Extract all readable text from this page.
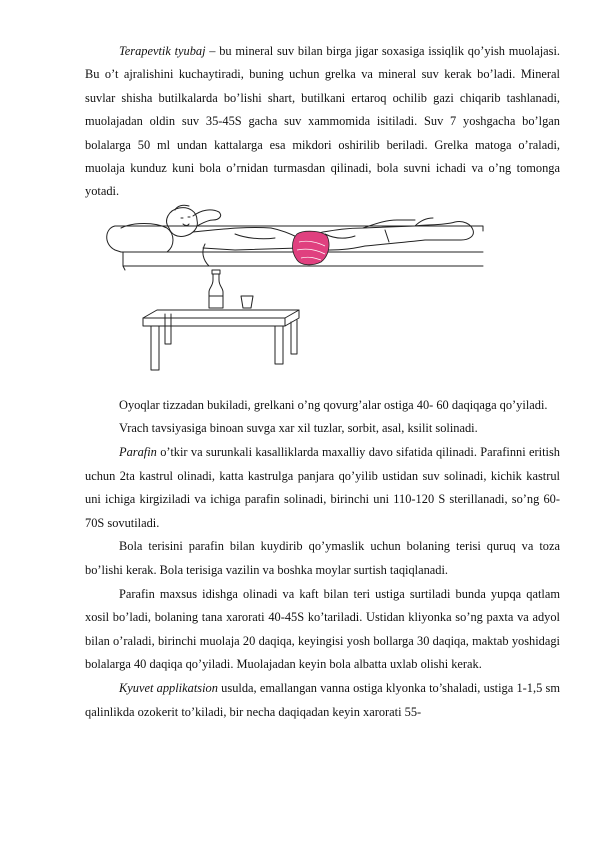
Terapevtik tyubaj – bu mineral suv bilan birga jigar soxasiga issiqlik qo’yish muolajasi. Bu o’t ajralishini kuchaytiradi, buning uchun grelka va mineral suv kerak bo’ladi. Mineral suvlar shisha butilkalarda bo’lishi shart, butilkani ertaroq ochilib gazi chiqarib tashlanadi, muolajadan oldin suv 35-45S gacha suv xammomida isitiladi. Suv 7 yoshgacha bo’lgan bolalarga 50 ml undan kattalarga esa mikdori oshirilib beriladi. Grelka matoga o’raladi, muolaja kunduz kuni bola o’rnidan turmasdan qilinadi, bola suvni ichadi va o’ng tomonga yotadi.

Oyoqlar tizzadan bukiladi, grelkani o’ng qovurg’alar ostiga 40- 60 daqiqaga qo’yiladi.

Vrach tavsiyasiga binoan suvga xar xil tuzlar, sorbit, asal, ksilit solinadi.

Parafin o’tkir va surunkali kasalliklarda maxalliy davo sifatida qilinadi. Parafinni eritish uchun 2ta kastrul olinadi, katta kastrulga panjara qo’yilib ustidan suv solinadi, kichik kastrul uni ichiga kirgiziladi va ichiga parafin solinadi, birinchi uni 110-120 S sterillanadi, so’ng 60-70S sovutiladi.

Bola terisini parafin bilan kuydirib qo’ymaslik uchun bolaning terisi quruq va toza bo’lishi kerak. Bola terisiga vazilin va boshka moylar surtish taqiqlanadi.

Parafin maxsus idishga olinadi va kaft bilan teri ustiga surtiladi bunda yupqa qatlam xosil bo’ladi, bolaning tana xarorati 40-45S ko’tariladi. Ustidan kliyonka so’ng paxta va adyol bilan o’raladi, birinchi muolaja 20 daqiqa, keyingisi yosh bollarga 30 daqiqa, maktab yoshidagi bolalarga 40 daqiqa qo’yiladi. Muolajadan keyin bola albatta uxlab olishi kerak.

Kyuvet applikatsion usulda, emallangan vanna ostiga klyonka to’shaladi, ustiga 1-1,5 sm qalinlikda ozokerit to’kiladi, bir necha daqiqadan keyin xarorati 55-
